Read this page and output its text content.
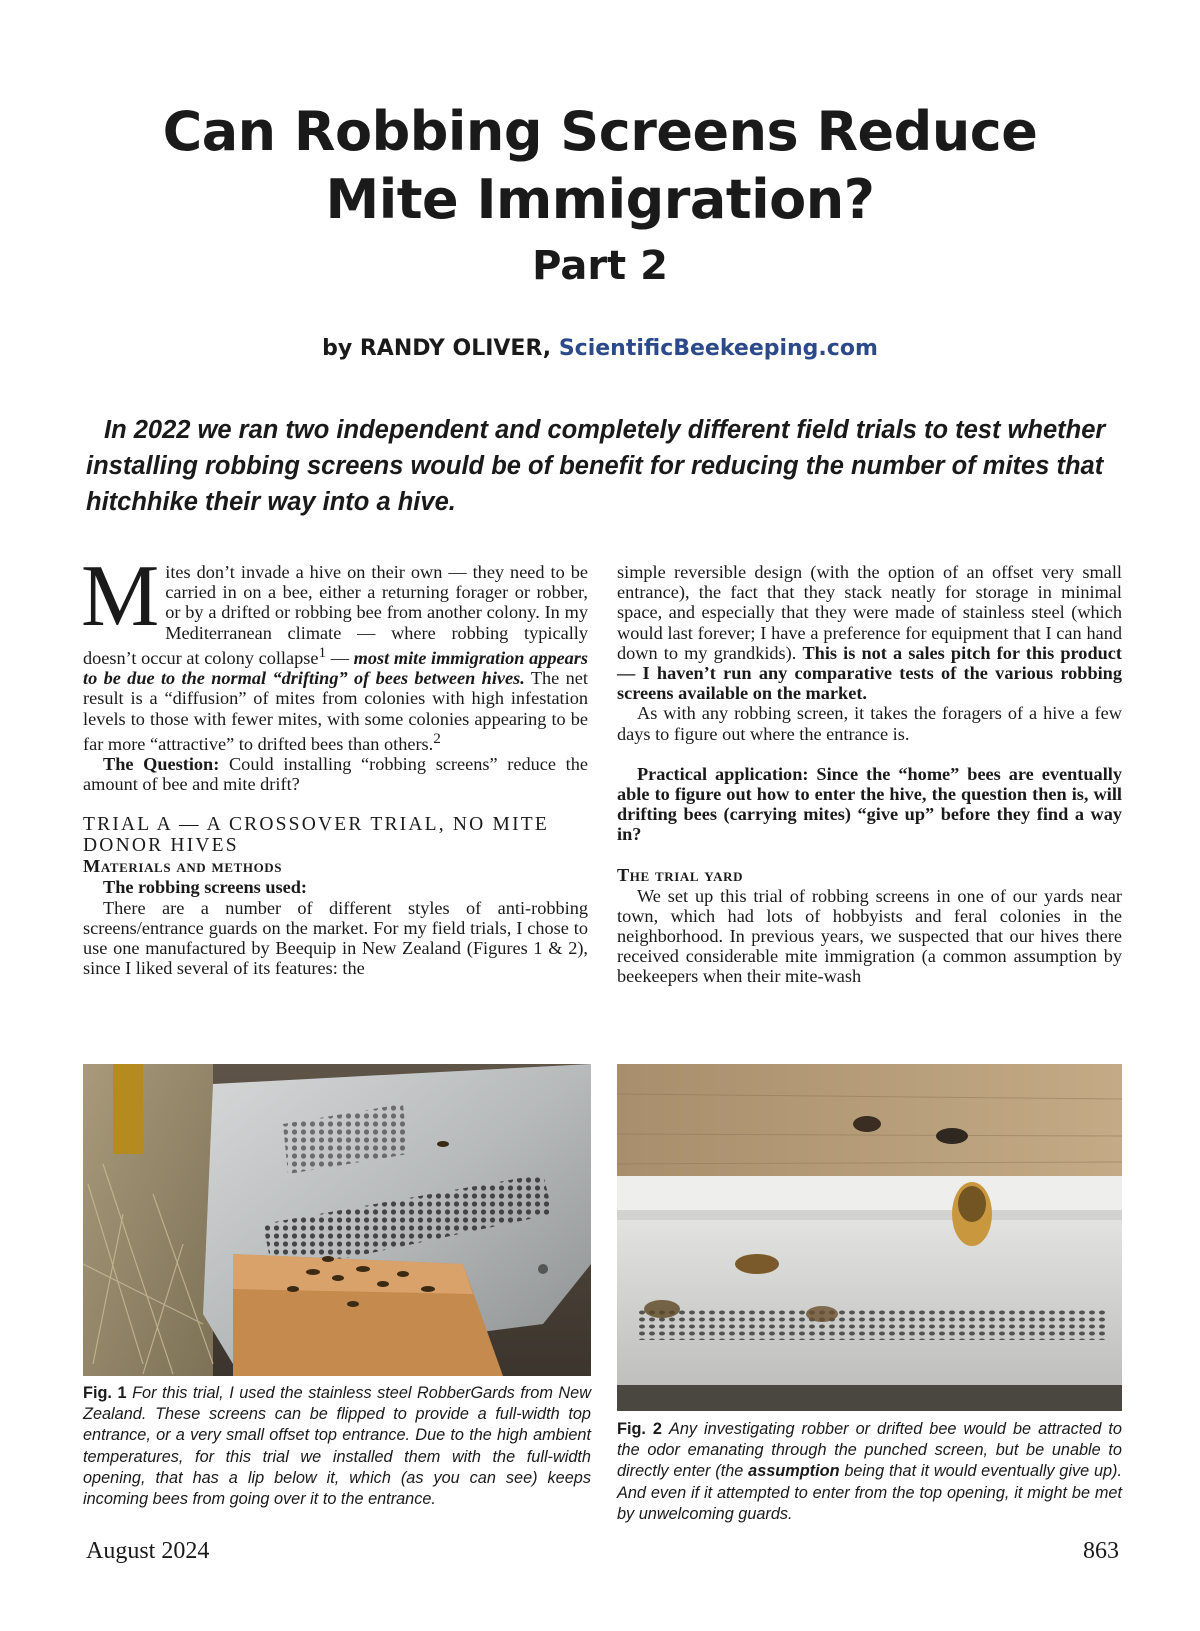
Can Robbing Screens Reduce
Mite Immigration?
Part 2
by RANDY OLIVER, ScientificBeekeeping.com

In 2022 we ran two independent and completely different field trials to test whether installing robbing screens would be of benefit for reducing the number of mites that hitchhike their way into a hive.

Mites don’t invade a hive on their own — they need to be carried in on a bee, either a returning forager or robber, or by a drifted or robbing bee from another colony. In my Mediterranean climate — where robbing typically doesn’t occur at colony collapse$^1$ — most mite immigration appears to be due to the normal “drifting” of bees between hives. The net result is a “diffusion” of mites from colonies with high infestation levels to those with fewer mites, with some colonies appearing to be far more “attractive” to drifted bees than others.$^2$

The Question: Could installing “robbing screens” reduce the amount of bee and mite drift?

TRIAL A — A CROSSOVER TRIAL, NO MITE DONOR HIVES
Materials and methods

The robbing screens used:

There are a number of different styles of anti-robbing screens/entrance guards on the market. For my field trials, I chose to use one manufactured by Beequip in New Zealand (Figures 1 & 2), since I liked several of its features: the

simple reversible design (with the option of an offset very small entrance), the fact that they stack neatly for storage in minimal space, and especially that they were made of stainless steel (which would last forever; I have a preference for equipment that I can hand down to my grandkids). This is not a sales pitch for this product — I haven’t run any comparative tests of the various robbing screens available on the market.

As with any robbing screen, it takes the foragers of a hive a few days to figure out where the entrance is.

Practical application: Since the “home” bees are eventually able to figure out how to enter the hive, the question then is, will drifting bees (carrying mites) “give up” before they find a way in?

The trial yard

We set up this trial of robbing screens in one of our yards near town, which had lots of hobbyists and feral colonies in the neighborhood. In previous years, we suspected that our hives there received considerable mite immigration (a common assumption by beekeepers when their mite-wash

Fig. 1 For this trial, I used the stainless steel RobberGards from New Zealand. These screens can be flipped to provide a full-width top entrance, or a very small offset top entrance. Due to the high ambient temperatures, for this trial we installed them with the full-width opening, that has a lip below it, which (as you can see) keeps incoming bees from going over it to the entrance.
Fig. 2 Any investigating robber or drifted bee would be attracted to the odor emanating through the punched screen, but be unable to directly enter (the assumption being that it would eventually give up). And even if it attempted to enter from the top opening, it might be met by unwelcoming guards.
August 2024	863
